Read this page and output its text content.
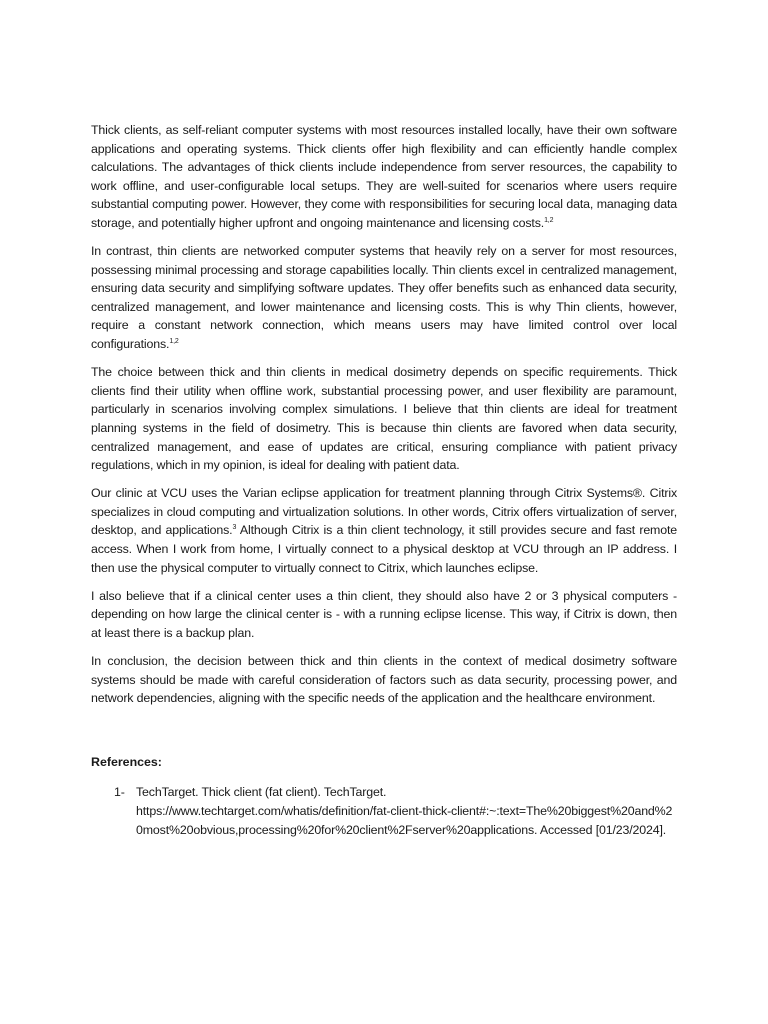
Thick clients, as self-reliant computer systems with most resources installed locally, have their own software applications and operating systems. Thick clients offer high flexibility and can efficiently handle complex calculations. The advantages of thick clients include independence from server resources, the capability to work offline, and user-configurable local setups. They are well-suited for scenarios where users require substantial computing power. However, they come with responsibilities for securing local data, managing data storage, and potentially higher upfront and ongoing maintenance and licensing costs.$^{1,2}$

In contrast, thin clients are networked computer systems that heavily rely on a server for most resources, possessing minimal processing and storage capabilities locally. Thin clients excel in centralized management, ensuring data security and simplifying software updates. They offer benefits such as enhanced data security, centralized management, and lower maintenance and licensing costs. This is why Thin clients, however, require a constant network connection, which means users may have limited control over local configurations.$^{1,2}$

The choice between thick and thin clients in medical dosimetry depends on specific requirements. Thick clients find their utility when offline work, substantial processing power, and user flexibility are paramount, particularly in scenarios involving complex simulations. I believe that thin clients are ideal for treatment planning systems in the field of dosimetry. This is because thin clients are favored when data security, centralized management, and ease of updates are critical, ensuring compliance with patient privacy regulations, which in my opinion, is ideal for dealing with patient data.

Our clinic at VCU uses the Varian eclipse application for treatment planning through Citrix Systems®. Citrix specializes in cloud computing and virtualization solutions. In other words, Citrix offers virtualization of server, desktop, and applications.$^3$ Although Citrix is a thin client technology, it still provides secure and fast remote access. When I work from home, I virtually connect to a physical desktop at VCU through an IP address. I then use the physical computer to virtually connect to Citrix, which launches eclipse.

I also believe that if a clinical center uses a thin client, they should also have 2 or 3 physical computers - depending on how large the clinical center is - with a running eclipse license. This way, if Citrix is down, then at least there is a backup plan.

In conclusion, the decision between thick and thin clients in the context of medical dosimetry software systems should be made with careful consideration of factors such as data security, processing power, and network dependencies, aligning with the specific needs of the application and the healthcare environment.

References:
1- TechTarget. Thick client (fat client). TechTarget.
https://www.techtarget.com/whatis/definition/fat-client-thick-client#:~:text=The%20biggest%20and%20most%20obvious,processing%20for%20client%2Fserver%20applications. Accessed [01/23/2024].
